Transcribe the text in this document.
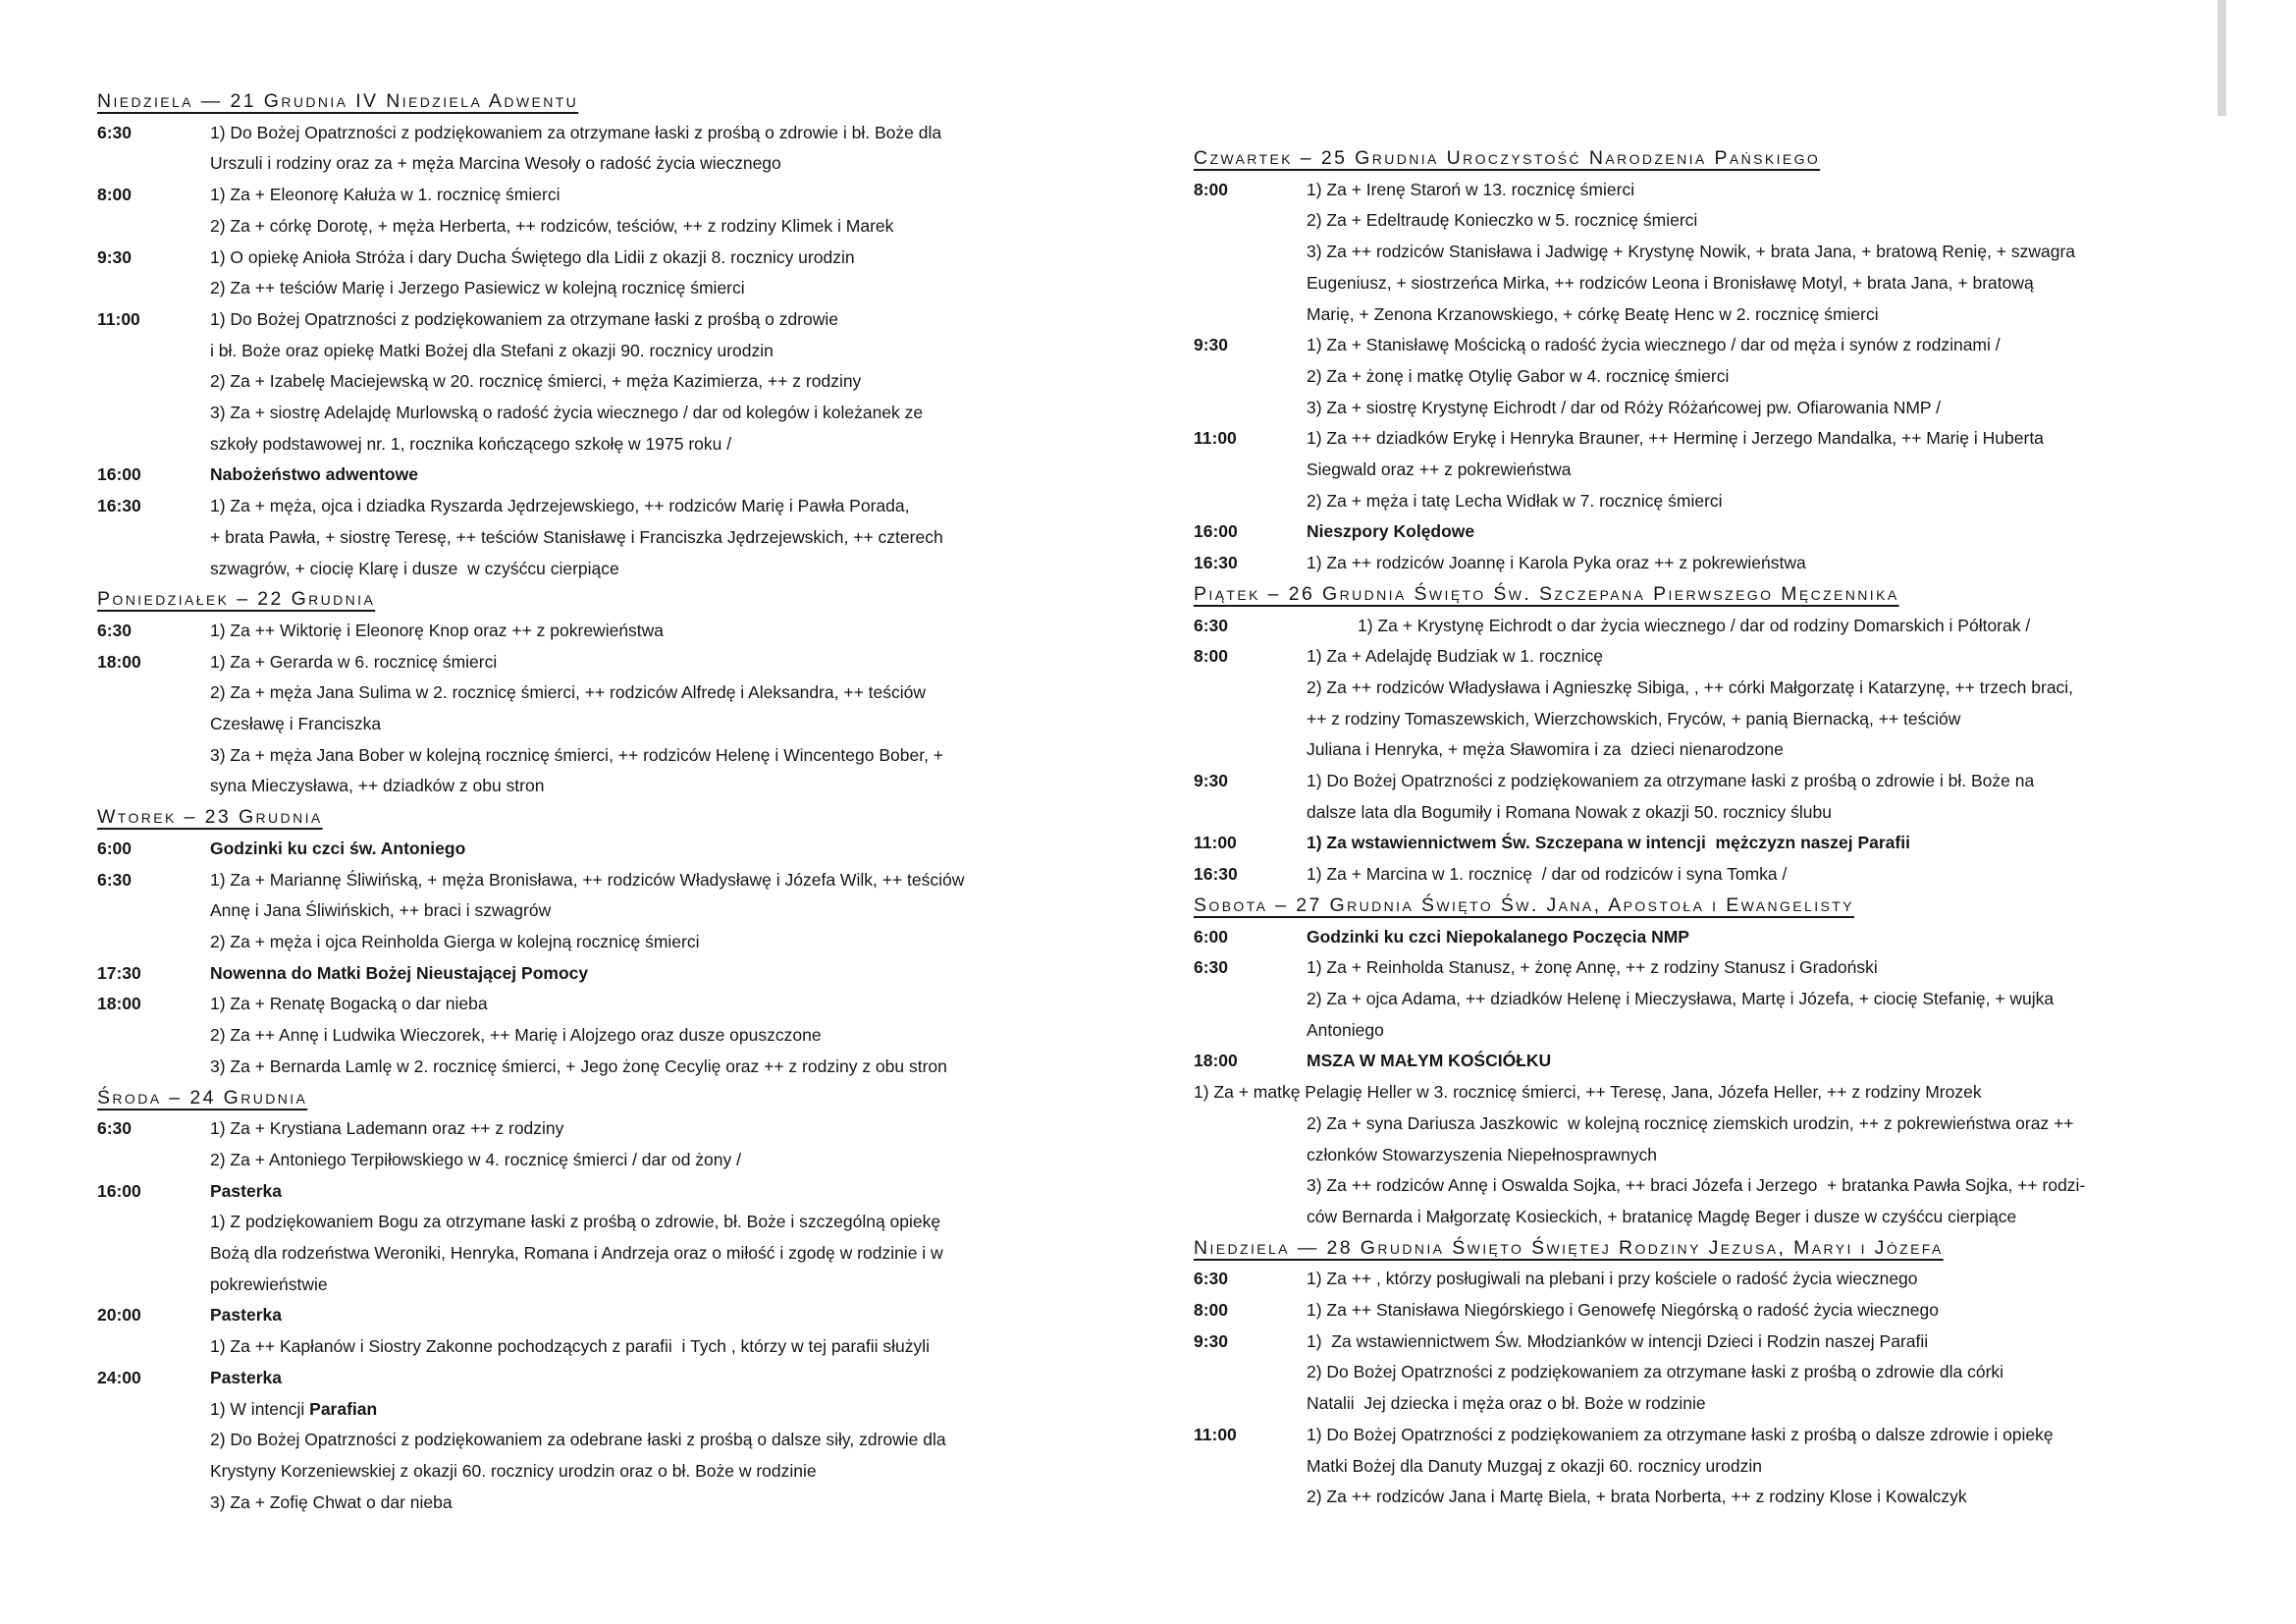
Niedziela — 21 Grudnia IV Niedziela Adwentu
6:30	1) Do Bożej Opatrzności z podziękowaniem za otrzymane łaski z prośbą o zdrowie i bł. Boże dla
Urszuli i rodziny oraz za + męża Marcina Wesoły o radość życia wiecznego
8:00	1) Za + Eleonorę Kałuża w 1. rocznicę śmierci
2) Za + córkę Dorotę, + męża Herberta, ++ rodziców, teściów, ++ z rodziny Klimek i Marek
9:30	1) O opiekę Anioła Stróża i dary Ducha Świętego dla Lidii z okazji 8. rocznicy urodzin
2) Za ++ teściów Marię i Jerzego Pasiewicz w kolejną rocznicę śmierci
11:00	1) Do Bożej Opatrzności z podziękowaniem za otrzymane łaski z prośbą o zdrowie
i bł. Boże oraz opiekę Matki Bożej dla Stefani z okazji 90. rocznicy urodzin
2) Za + Izabelę Maciejewską w 20. rocznicę śmierci, + męża Kazimierza, ++ z rodziny
3) Za + siostrę Adelajdę Murlowską o radość życia wiecznego / dar od kolegów i koleżanek ze
szkoły podstawowej nr. 1, rocznika kończącego szkołę w 1975 roku /
16:00	Nabożeństwo adwentowe
16:30	1) Za + męża, ojca i dziadka Ryszarda Jędrzejewskiego, ++ rodziców Marię i Pawła Porada,
+ brata Pawła, + siostrę Teresę, ++ teściów Stanisławę i Franciszka Jędrzejewskich, ++ czterech
szwagrów, + ciocię Klarę i dusze  w czyśćcu cierpiące
Poniedziałek – 22 Grudnia
6:30	1) Za ++ Wiktorię i Eleonorę Knop oraz ++ z pokrewieństwa
18:00	1) Za + Gerarda w 6. rocznicę śmierci
2) Za + męża Jana Sulima w 2. rocznicę śmierci, ++ rodziców Alfredę i Aleksandra, ++ teściów
Czesławę i Franciszka
3) Za + męża Jana Bober w kolejną rocznicę śmierci, ++ rodziców Helenę i Wincentego Bober, +
syna Mieczysława, ++ dziadków z obu stron
Wtorek – 23 Grudnia
6:00	Godzinki ku czci św. Antoniego
6:30	1) Za + Mariannę Śliwińską, + męża Bronisława, ++ rodziców Władysławę i Józefa Wilk, ++ teściów
Annę i Jana Śliwińskich, ++ braci i szwagrów
2) Za + męża i ojca Reinholda Gierga w kolejną rocznicę śmierci
17:30	Nowenna do Matki Bożej Nieustającej Pomocy
18:00	1) Za + Renatę Bogacką o dar nieba
2) Za ++ Annę i Ludwika Wieczorek, ++ Marię i Alojzego oraz dusze opuszczone
3) Za + Bernarda Lamlę w 2. rocznicę śmierci, + Jego żonę Cecylię oraz ++ z rodziny z obu stron
Środa – 24 Grudnia
6:30	1) Za + Krystiana Lademann oraz ++ z rodziny
2) Za + Antoniego Terpiłowskiego w 4. rocznicę śmierci / dar od żony /
16:00	Pasterka
1) Z podziękowaniem Bogu za otrzymane łaski z prośbą o zdrowie, bł. Boże i szczególną opiekę
Bożą dla rodzeństwa Weroniki, Henryka, Romana i Andrzeja oraz o miłość i zgodę w rodzinie i w
pokrewieństwie
20:00	Pasterka
1) Za ++ Kapłanów i Siostry Zakonne pochodzących z parafii  i Tych , którzy w tej parafii służyli
24:00	Pasterka
1) W intencji Parafian
2) Do Bożej Opatrzności z podziękowaniem za odebrane łaski z prośbą o dalsze siły, zdrowie dla
Krystyny Korzeniewskiej z okazji 60. rocznicy urodzin oraz o bł. Boże w rodzinie
3) Za + Zofię Chwat o dar nieba
Czwartek – 25 Grudnia Uroczystość Narodzenia Pańskiego
8:00	1) Za + Irenę Staroń w 13. rocznicę śmierci
2) Za + Edeltraudę Konieczko w 5. rocznicę śmierci
3) Za ++ rodziców Stanisława i Jadwigę + Krystynę Nowik, + brata Jana, + bratową Renię, + szwagra
Eugeniusz, + siostrzeńca Mirka, ++ rodziców Leona i Bronisławę Motyl, + brata Jana, + bratową
Marię, + Zenona Krzanowskiego, + córkę Beatę Henc w 2. rocznicę śmierci
9:30	1) Za + Stanisławę Mościcką o radość życia wiecznego / dar od męża i synów z rodzinami /
2) Za + żonę i matkę Otylię Gabor w 4. rocznicę śmierci
3) Za + siostrę Krystynę Eichrodt / dar od Róży Różańcowej pw. Ofiarowania NMP /
11:00	1) Za ++ dziadków Erykę i Henryka Brauner, ++ Herminę i Jerzego Mandalka, ++ Marię i Huberta
Siegwald oraz ++ z pokrewieństwa
2) Za + męża i tatę Lecha Widłak w 7. rocznicę śmierci
16:00	Nieszpory Kolędowe
16:30	1) Za ++ rodziców Joannę i Karola Pyka oraz ++ z pokrewieństwa
Piątek – 26 Grudnia Święto Św. Szczepana Pierwszego Męczennika
6:30	1) Za + Krystynę Eichrodt o dar życia wiecznego / dar od rodziny Domarskich i Półtorak /
8:00	1) Za + Adelajdę Budziak w 1. rocznicę
2) Za ++ rodziców Władysława i Agnieszkę Sibiga, , ++ córki Małgorzatę i Katarzynę, ++ trzech braci,
++ z rodziny Tomaszewskich, Wierzchowskich, Fryców, + panią Biernacką, ++ teściów
Juliana i Henryka, + męża Sławomira i za  dzieci nienarodzone
9:30	1) Do Bożej Opatrzności z podziękowaniem za otrzymane łaski z prośbą o zdrowie i bł. Boże na
dalsze lata dla Bogumiły i Romana Nowak z okazji 50. rocznicy ślubu
11:00	1) Za wstawiennictwem Św. Szczepana w intencji  mężczyzn naszej Parafii
16:30	1) Za + Marcina w 1. rocznicę  / dar od rodziców i syna Tomka /
Sobota – 27 Grudnia Święto Św. Jana, Apostoła i Ewangelisty
6:00	Godzinki ku czci Niepokalanego Poczęcia NMP
6:30	1) Za + Reinholda Stanusz, + żonę Annę, ++ z rodziny Stanusz i Gradoński
2) Za + ojca Adama, ++ dziadków Helenę i Mieczysława, Martę i Józefa, + ciocię Stefanię, + wujka
Antoniego
18:00	MSZA W MAŁYM KOŚCIÓŁKU
1) Za + matkę Pelagię Heller w 3. rocznicę śmierci, ++ Teresę, Jana, Józefa Heller, ++ z rodziny Mrozek
2) Za + syna Dariusza Jaszkowic  w kolejną rocznicę ziemskich urodzin, ++ z pokrewieństwa oraz ++
członków Stowarzyszenia Niepełnosprawnych
3) Za ++ rodziców Annę i Oswalda Sojka, ++ braci Józefa i Jerzego  + bratanka Pawła Sojka, ++ rodzi-
ców Bernarda i Małgorzatę Kosieckich, + bratanicę Magdę Beger i dusze w czyśćcu cierpiące
Niedziela — 28 Grudnia Święto Świętej Rodziny Jezusa, Maryi i Józefa
6:30	1) Za ++ , którzy posługiwali na plebani i przy kościele o radość życia wiecznego
8:00	1) Za ++ Stanisława Niegórskiego i Genowefę Niegórską o radość życia wiecznego
9:30	1)  Za wstawiennictwem Św. Młodzianków w intencji Dzieci i Rodzin naszej Parafii
2) Do Bożej Opatrzności z podziękowaniem za otrzymane łaski z prośbą o zdrowie dla córki
Natalii  Jej dziecka i męża oraz o bł. Boże w rodzinie
11:00	1) Do Bożej Opatrzności z podziękowaniem za otrzymane łaski z prośbą o dalsze zdrowie i opiekę
Matki Bożej dla Danuty Muzgaj z okazji 60. rocznicy urodzin
2) Za ++ rodziców Jana i Martę Biela, + brata Norberta, ++ z rodziny Klose i Kowalczyk
